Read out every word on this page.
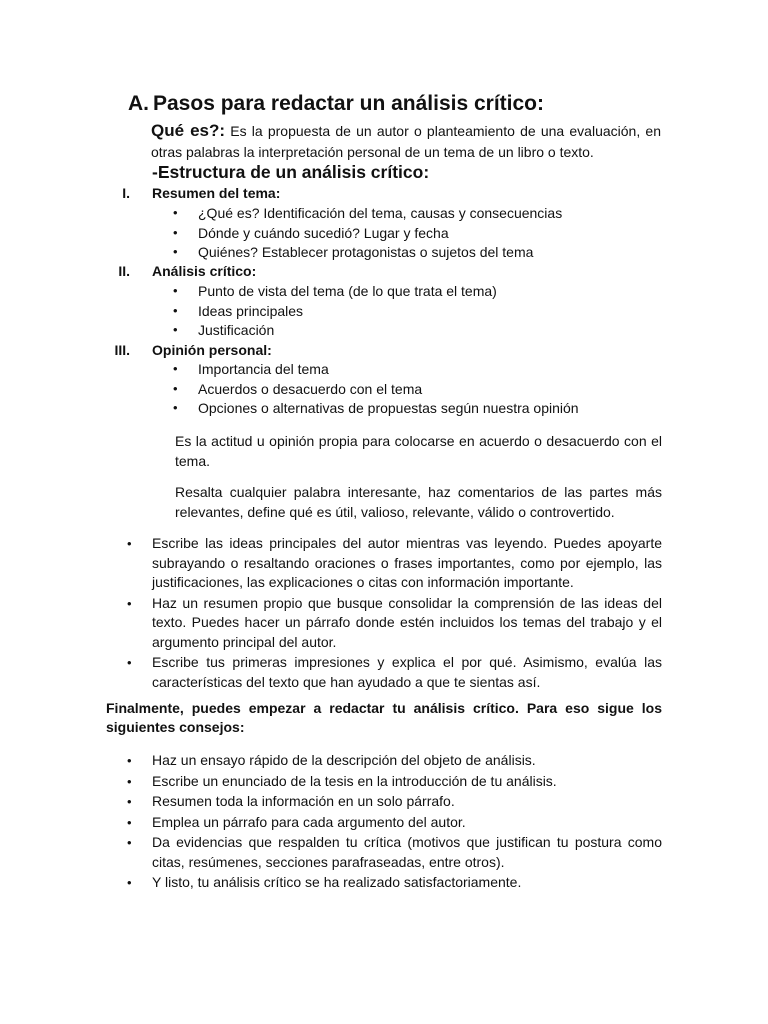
A. Pasos para redactar un análisis crítico:
Qué es?: Es la propuesta de un autor o planteamiento de una evaluación, en otras palabras la interpretación personal de un tema de un libro o texto.
-Estructura de un análisis crítico:
I. Resumen del tema:
• ¿Qué es? Identificación del tema, causas y consecuencias
• Dónde y cuándo sucedió? Lugar y fecha
• Quiénes? Establecer protagonistas o sujetos del tema
II. Análisis crítico:
• Punto de vista del tema (de lo que trata el tema)
• Ideas principales
• Justificación
III. Opinión personal:
• Importancia del tema
• Acuerdos o desacuerdo con el tema
• Opciones o alternativas de propuestas según nuestra opinión
Es la actitud u opinión propia para colocarse en acuerdo o desacuerdo con el tema.
Resalta cualquier palabra interesante, haz comentarios de las partes más relevantes, define qué es útil, valioso, relevante, válido o controvertido.
• Escribe las ideas principales del autor mientras vas leyendo. Puedes apoyarte subrayando o resaltando oraciones o frases importantes, como por ejemplo, las justificaciones, las explicaciones o citas con información importante.
• Haz un resumen propio que busque consolidar la comprensión de las ideas del texto. Puedes hacer un párrafo donde estén incluidos los temas del trabajo y el argumento principal del autor.
• Escribe tus primeras impresiones y explica el por qué. Asimismo, evalúa las características del texto que han ayudado a que te sientas así.
Finalmente, puedes empezar a redactar tu análisis crítico. Para eso sigue los siguientes consejos:
• Haz un ensayo rápido de la descripción del objeto de análisis.
• Escribe un enunciado de la tesis en la introducción de tu análisis.
• Resumen toda la información en un solo párrafo.
• Emplea un párrafo para cada argumento del autor.
• Da evidencias que respalden tu crítica (motivos que justifican tu postura como citas, resúmenes, secciones parafraseadas, entre otros).
• Y listo, tu análisis crítico se ha realizado satisfactoriamente.
